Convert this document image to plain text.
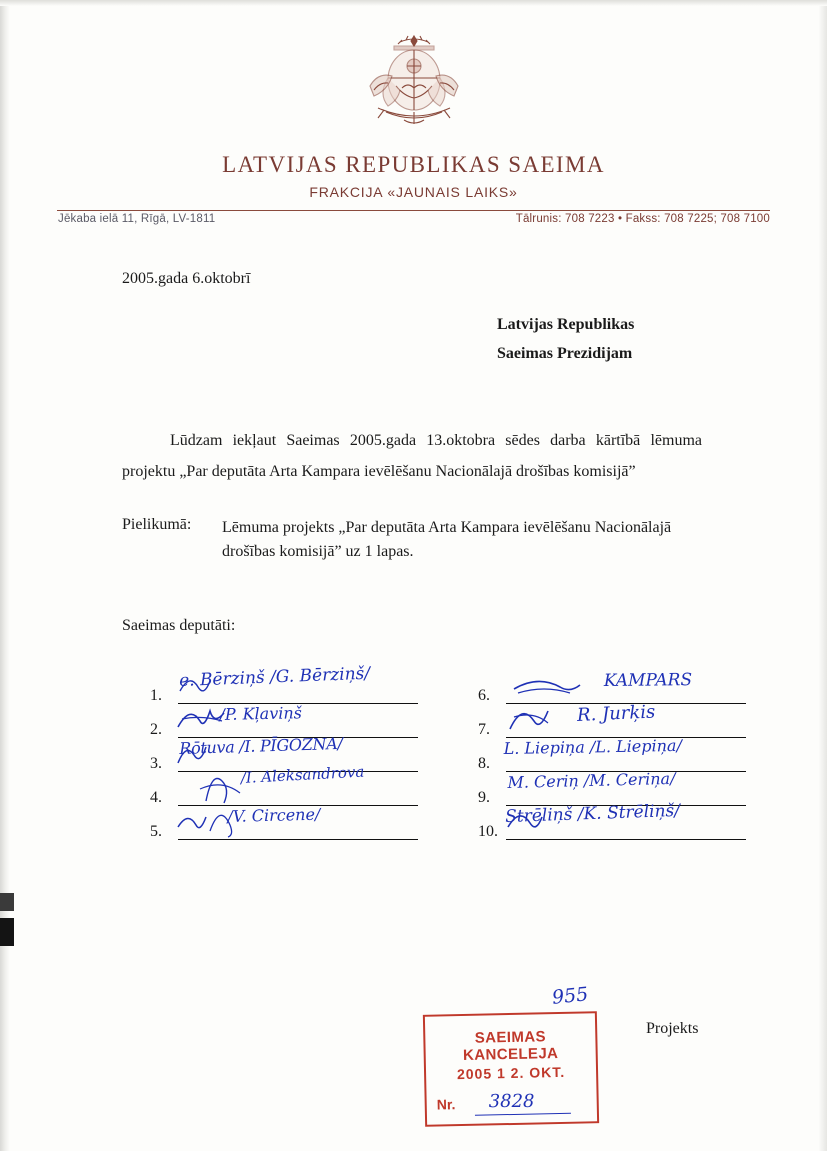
LATVIJAS REPUBLIKAS SAEIMA
FRAKCIJA «JAUNAIS LAIKS»
Jēkaba ielā 11, Rīgā, LV-1811	Tālrunis: 708 7223 • Fakss: 708 7225; 708 7100
2005.gada 6.oktobrī
Latvijas Republikas
Saeimas Prezidijam
Lūdzam iekļaut Saeimas 2005.gada 13.oktobra sēdes darba kārtībā lēmuma projektu „Par deputāta Arta Kampara ievēlēšanu Nacionālajā drošības komisijā”
Pielikumā: Lēmuma projekts „Par deputāta Arta Kampara ievēlēšanu Nacionālajā drošības komisijā” uz 1 lapas.
Saeimas deputāti:
1.
e. Bērziņš /G. Bērziņš/
2.
/P. Kļaviņš
3.
Rōtuva /I. PĪGOZNA/
4.
/I. Aleksandrova
5.
/V. Circene/
6.
KAMPARS
7.
R. Jurķis
8.
L. Liepiņa /L. Liepiņa/
9.
M. Ceriņ /M. Ceriņa/
10.
Strēliņš /K. Strēliņš/
955
SAEIMAS KANCELEJA
2005 1 2. OKT.
Nr. 3828
Projekts
